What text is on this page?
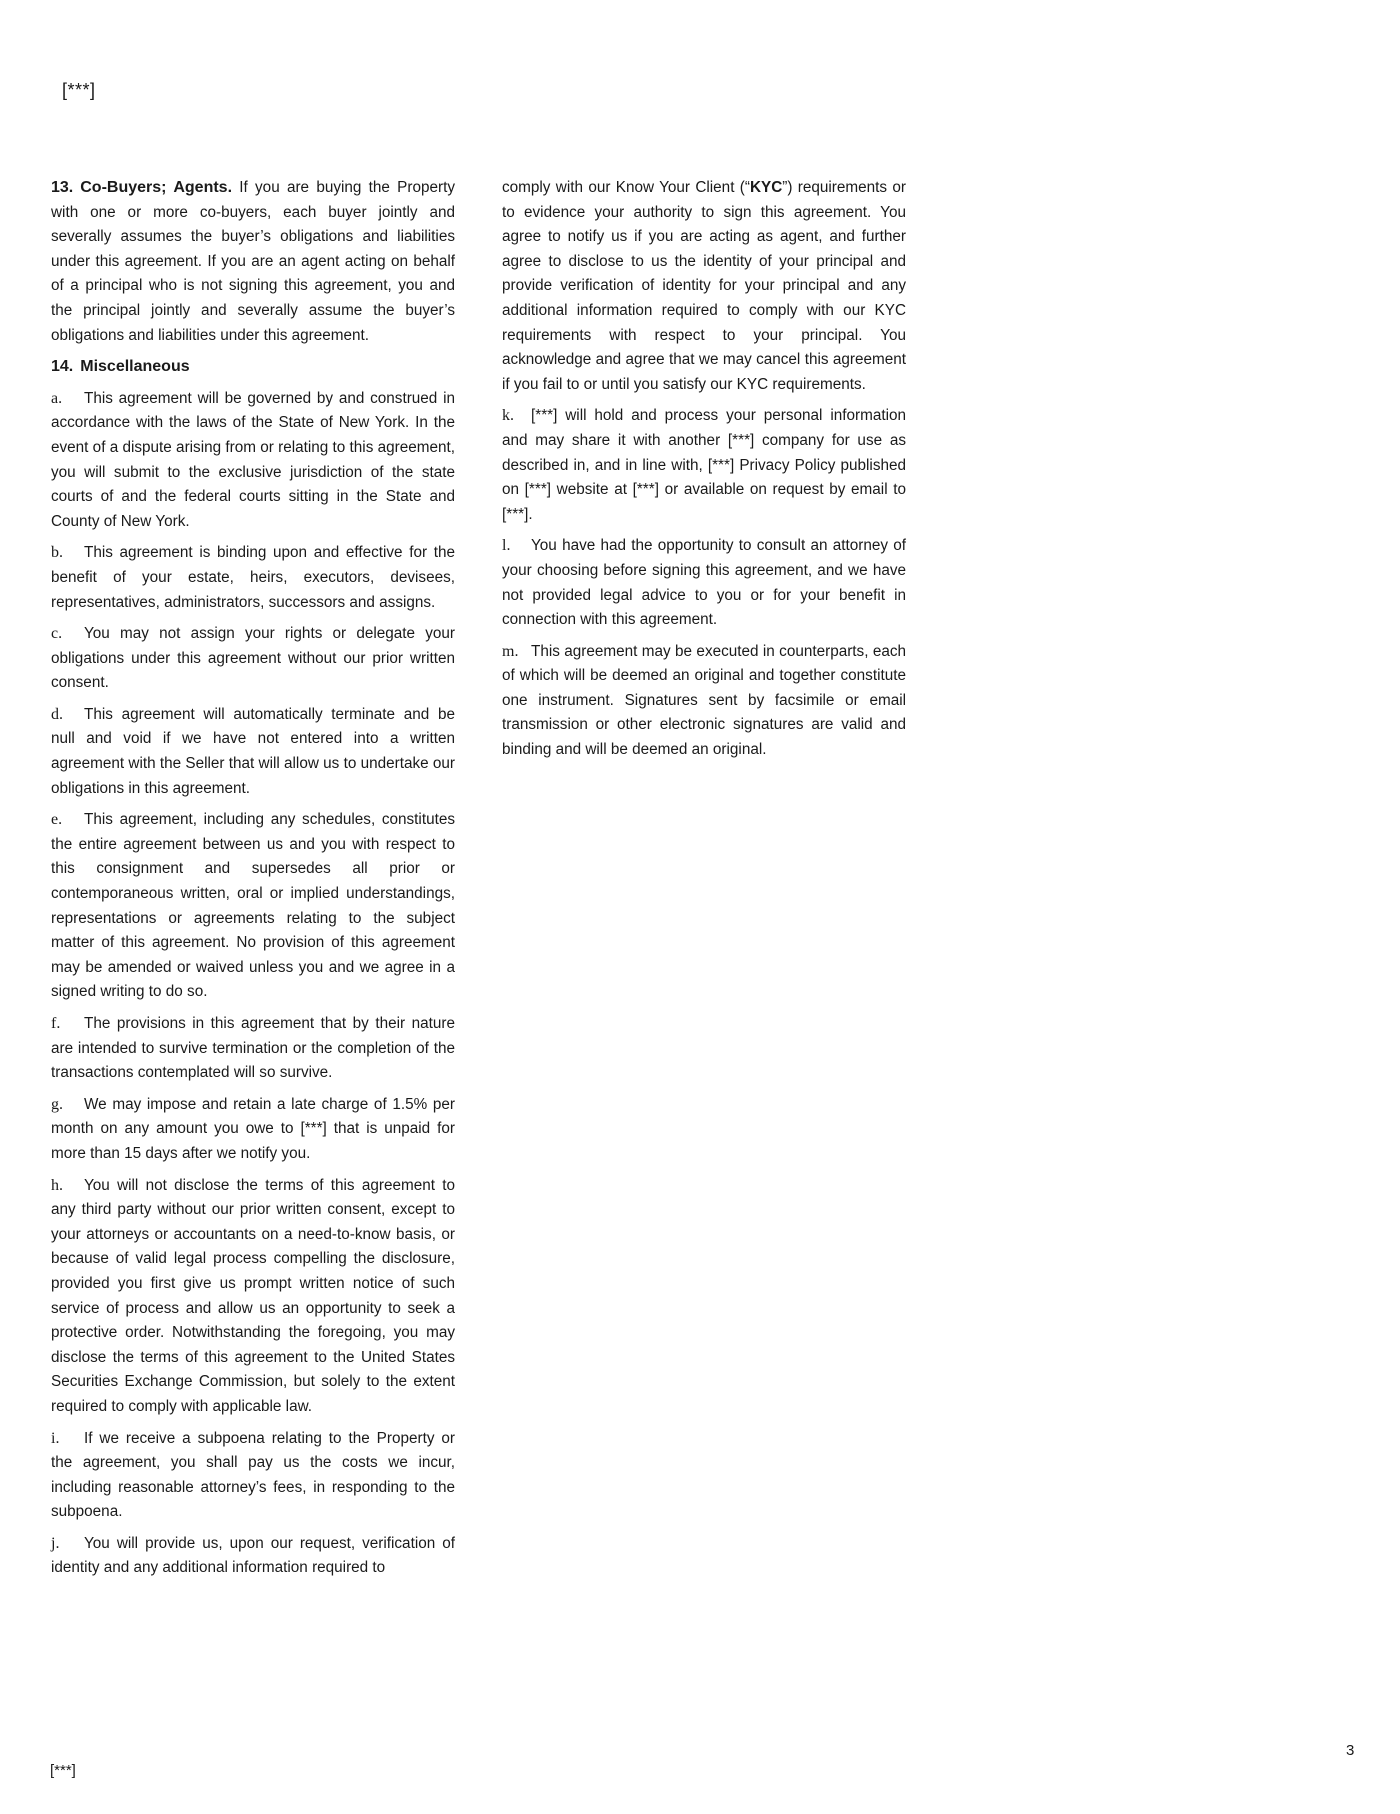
[***]

13. Co-Buyers; Agents. If you are buying the Property with one or more co-buyers, each buyer jointly and severally assumes the buyer’s obligations and liabilities under this agreement. If you are an agent acting on behalf of a principal who is not signing this agreement, you and the principal jointly and severally assume the buyer’s obligations and liabilities under this agreement.

14. Miscellaneous

a. This agreement will be governed by and construed in accordance with the laws of the State of New York. In the event of a dispute arising from or relating to this agreement, you will submit to the exclusive jurisdiction of the state courts of and the federal courts sitting in the State and County of New York.

b. This agreement is binding upon and effective for the benefit of your estate, heirs, executors, devisees, representatives, administrators, successors and assigns.

c. You may not assign your rights or delegate your obligations under this agreement without our prior written consent.

d. This agreement will automatically terminate and be null and void if we have not entered into a written agreement with the Seller that will allow us to undertake our obligations in this agreement.

e. This agreement, including any schedules, constitutes the entire agreement between us and you with respect to this consignment and supersedes all prior or contemporaneous written, oral or implied understandings, representations or agreements relating to the subject matter of this agreement. No provision of this agreement may be amended or waived unless you and we agree in a signed writing to do so.

f. The provisions in this agreement that by their nature are intended to survive termination or the completion of the transactions contemplated will so survive.

g. We may impose and retain a late charge of 1.5% per month on any amount you owe to [***] that is unpaid for more than 15 days after we notify you.

h. You will not disclose the terms of this agreement to any third party without our prior written consent, except to your attorneys or accountants on a need-to-know basis, or because of valid legal process compelling the disclosure, provided you first give us prompt written notice of such service of process and allow us an opportunity to seek a protective order. Notwithstanding the foregoing, you may disclose the terms of this agreement to the United States Securities Exchange Commission, but solely to the extent required to comply with applicable law.

i. If we receive a subpoena relating to the Property or the agreement, you shall pay us the costs we incur, including reasonable attorney’s fees, in responding to the subpoena.

j. You will provide us, upon our request, verification of identity and any additional information required to

comply with our Know Your Client (“KYC”) requirements or to evidence your authority to sign this agreement. You agree to notify us if you are acting as agent, and further agree to disclose to us the identity of your principal and provide verification of identity for your principal and any additional information required to comply with our KYC requirements with respect to your principal. You acknowledge and agree that we may cancel this agreement if you fail to or until you satisfy our KYC requirements.

k. [***] will hold and process your personal information and may share it with another [***] company for use as described in, and in line with, [***] Privacy Policy published on [***] website at [***] or available on request by email to [***].

l. You have had the opportunity to consult an attorney of your choosing before signing this agreement, and we have not provided legal advice to you or for your benefit in connection with this agreement.

m. This agreement may be executed in counterparts, each of which will be deemed an original and together constitute one instrument. Signatures sent by facsimile or email transmission or other electronic signatures are valid and binding and will be deemed an original.

[***]
3
